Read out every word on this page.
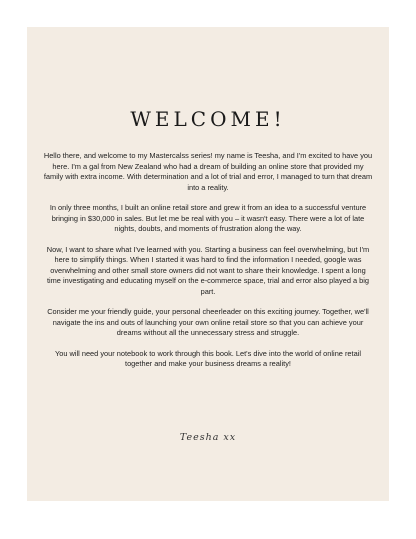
WELCOME!

Hello there, and welcome to my Mastercalss series! my name is Teesha, and I'm excited to have you here. I'm a gal from New Zealand who had a dream of building an online store that provided my family with extra income. With determination and a lot of trial and error, I managed to turn that dream into a reality.

In only three months, I built an online retail store and grew it from an idea to a successful venture bringing in $30,000 in sales. But let me be real with you – it wasn't easy. There were a lot of late nights, doubts, and moments of frustration along the way.

Now, I want to share what I've learned with you. Starting a business can feel overwhelming, but I'm here to simplify things. When I started it was hard to find the information I needed, google was overwhelming and other small store owners did not want to share their knowledge. I spent a long time investigating and educating myself on the e-commerce space, trial and error also played a big part.

Consider me your friendly guide, your personal cheerleader on this exciting journey. Together, we'll navigate the ins and outs of launching your own online retail store so that you can achieve your dreams without all the unnecessary stress and struggle.

You will need your notebook to work through this book. Let's dive into the world of online retail together and make your business dreams a reality!

Teesha xx
